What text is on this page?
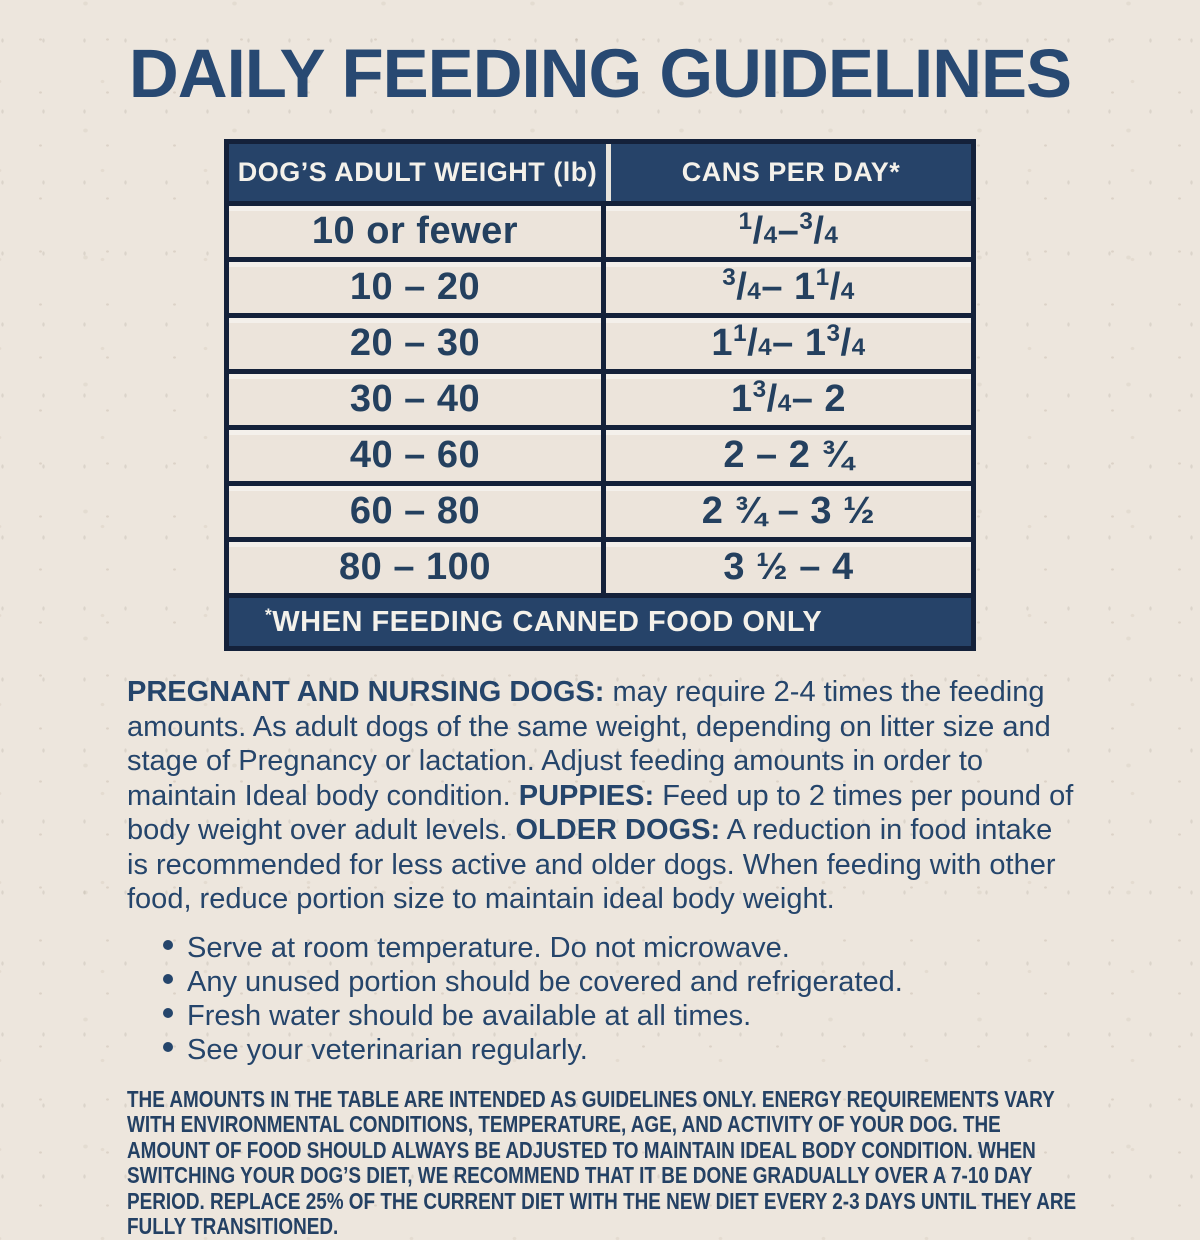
DAILY FEEDING GUIDELINES
DOG’S ADULT WEIGHT (lb)	CANS PER DAY*
10 or fewer	$^1$/4 – $^3$/4
10 – 20	$^3$/4 – 1 $^1$/4
20 – 30	1 $^1$/4 – 1 $^3$/4
30 – 40	1 $^3$/4 – 2
40 – 60	2 – 2 ¾
60 – 80	2 ¾ – 3 ½
80 – 100	3 ½ – 4
*WHEN FEEDING CANNED FOOD ONLY
PREGNANT AND NURSING DOGS: may require 2-4 times the feeding amounts. As adult dogs of the same weight, depending on litter size and stage of Pregnancy or lactation. Adjust feeding amounts in order to maintain Ideal body condition. PUPPIES: Feed up to 2 times per pound of body weight over adult levels. OLDER DOGS: A reduction in food intake is recommended for less active and older dogs. When feeding with other food, reduce portion size to maintain ideal body weight.
Serve at room temperature. Do not microwave.
Any unused portion should be covered and refrigerated.
Fresh water should be available at all times.
See your veterinarian regularly.
THE AMOUNTS IN THE TABLE ARE INTENDED AS GUIDELINES ONLY. ENERGY REQUIREMENTS VARY WITH ENVIRONMENTAL CONDITIONS, TEMPERATURE, AGE, AND ACTIVITY OF YOUR DOG. THE AMOUNT OF FOOD SHOULD ALWAYS BE ADJUSTED TO MAINTAIN IDEAL BODY CONDITION. WHEN SWITCHING YOUR DOG’S DIET, WE RECOMMEND THAT IT BE DONE GRADUALLY OVER A 7-10 DAY PERIOD. REPLACE 25% OF THE CURRENT DIET WITH THE NEW DIET EVERY 2-3 DAYS UNTIL THEY ARE FULLY TRANSITIONED.
